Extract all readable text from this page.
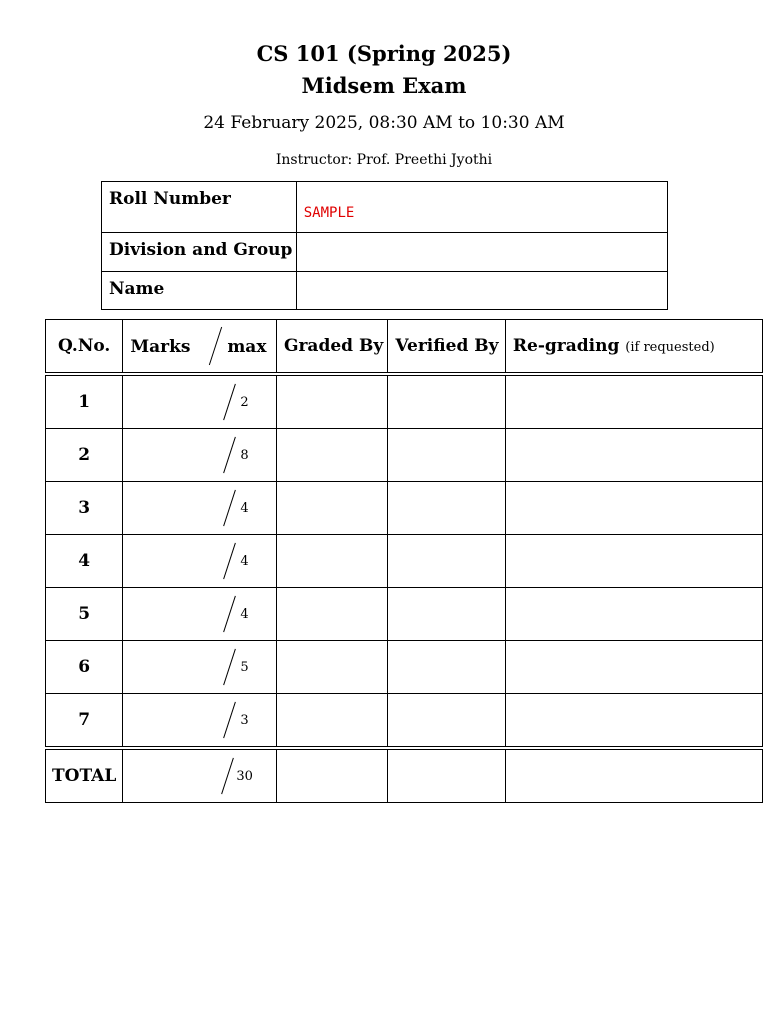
CS 101 (Spring 2025)
Midsem Exam
24 February 2025, 08:30 AM to 10:30 AM
Instructor: Prof. Preethi Jyothi
Roll Number	SAMPLE

Division and Group	
Name	
Q.No.	Marks max	Graded By	Verified By	Re-grading (if requested)

1	2			

2	8			

3	4			

4	4			

5	4			

6	5			

7	3			

TOTAL	30			
